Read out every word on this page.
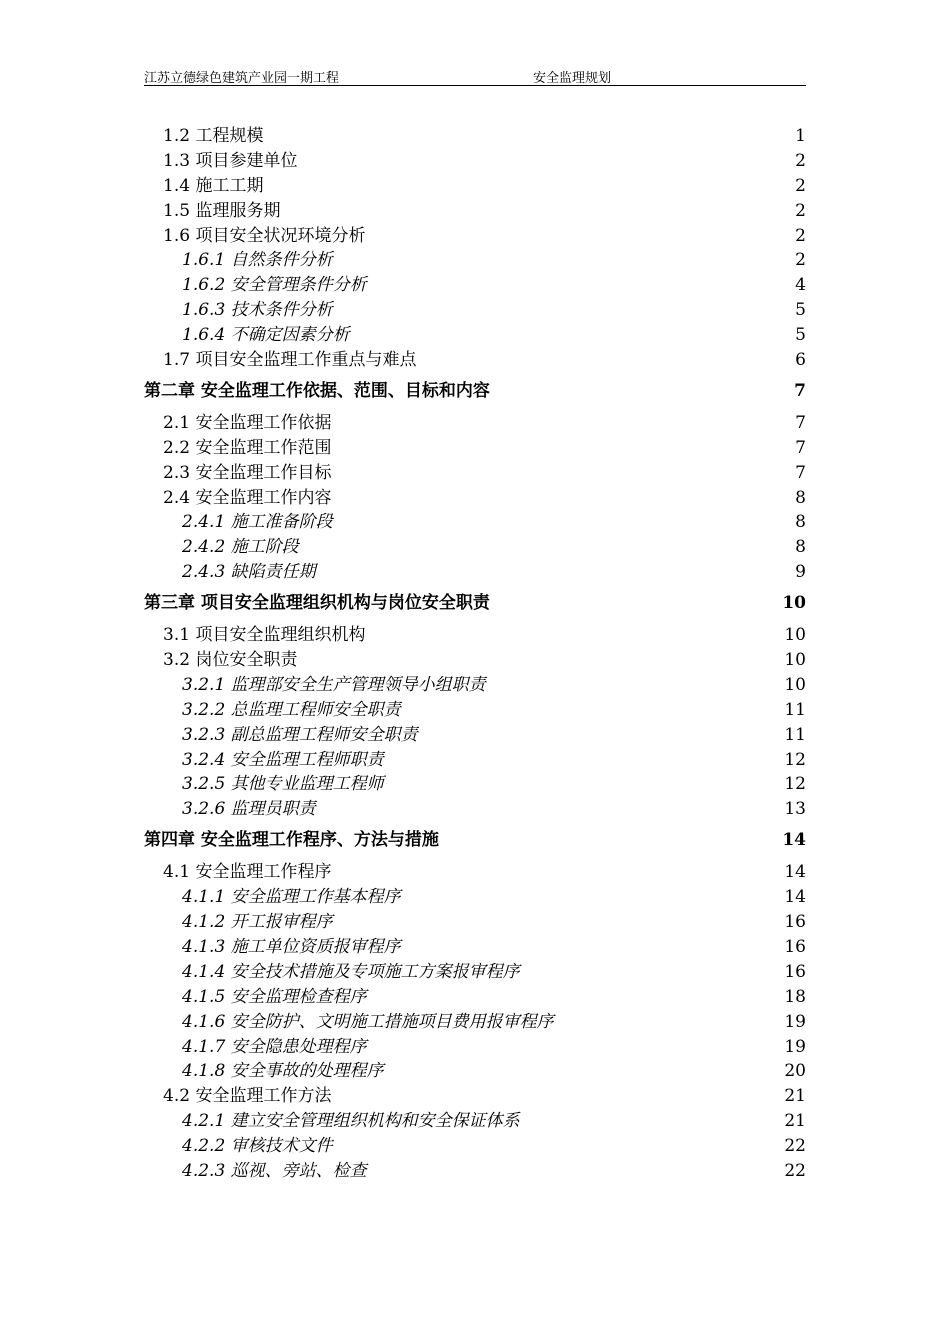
江苏立德绿色建筑产业园一期工程	安全监理规划
1.2 工程规模	1
1.3 项目参建单位	2
1.4 施工工期	2
1.5 监理服务期	2
1.6 项目安全状况环境分析	2
1.6.1 自然条件分析	2
1.6.2 安全管理条件分析	4
1.6.3 技术条件分析	5
1.6.4 不确定因素分析	5
1.7 项目安全监理工作重点与难点	6
第二章 安全监理工作依据、范围、目标和内容	7
2.1 安全监理工作依据	7
2.2 安全监理工作范围	7
2.3 安全监理工作目标	7
2.4 安全监理工作内容	8
2.4.1 施工准备阶段	8
2.4.2 施工阶段	8
2.4.3 缺陷责任期	9
第三章 项目安全监理组织机构与岗位安全职责	10
3.1 项目安全监理组织机构	10
3.2 岗位安全职责	10
3.2.1 监理部安全生产管理领导小组职责	10
3.2.2 总监理工程师安全职责	11
3.2.3 副总监理工程师安全职责	11
3.2.4 安全监理工程师职责	12
3.2.5 其他专业监理工程师	12
3.2.6 监理员职责	13
第四章 安全监理工作程序、方法与措施	14
4.1 安全监理工作程序	14
4.1.1 安全监理工作基本程序	14
4.1.2 开工报审程序	16
4.1.3 施工单位资质报审程序	16
4.1.4 安全技术措施及专项施工方案报审程序	16
4.1.5 安全监理检查程序	18
4.1.6 安全防护、文明施工措施项目费用报审程序	19
4.1.7 安全隐患处理程序	19
4.1.8 安全事故的处理程序	20
4.2 安全监理工作方法	21
4.2.1 建立安全管理组织机构和安全保证体系	21
4.2.2 审核技术文件	22
4.2.3 巡视、旁站、检查	22
